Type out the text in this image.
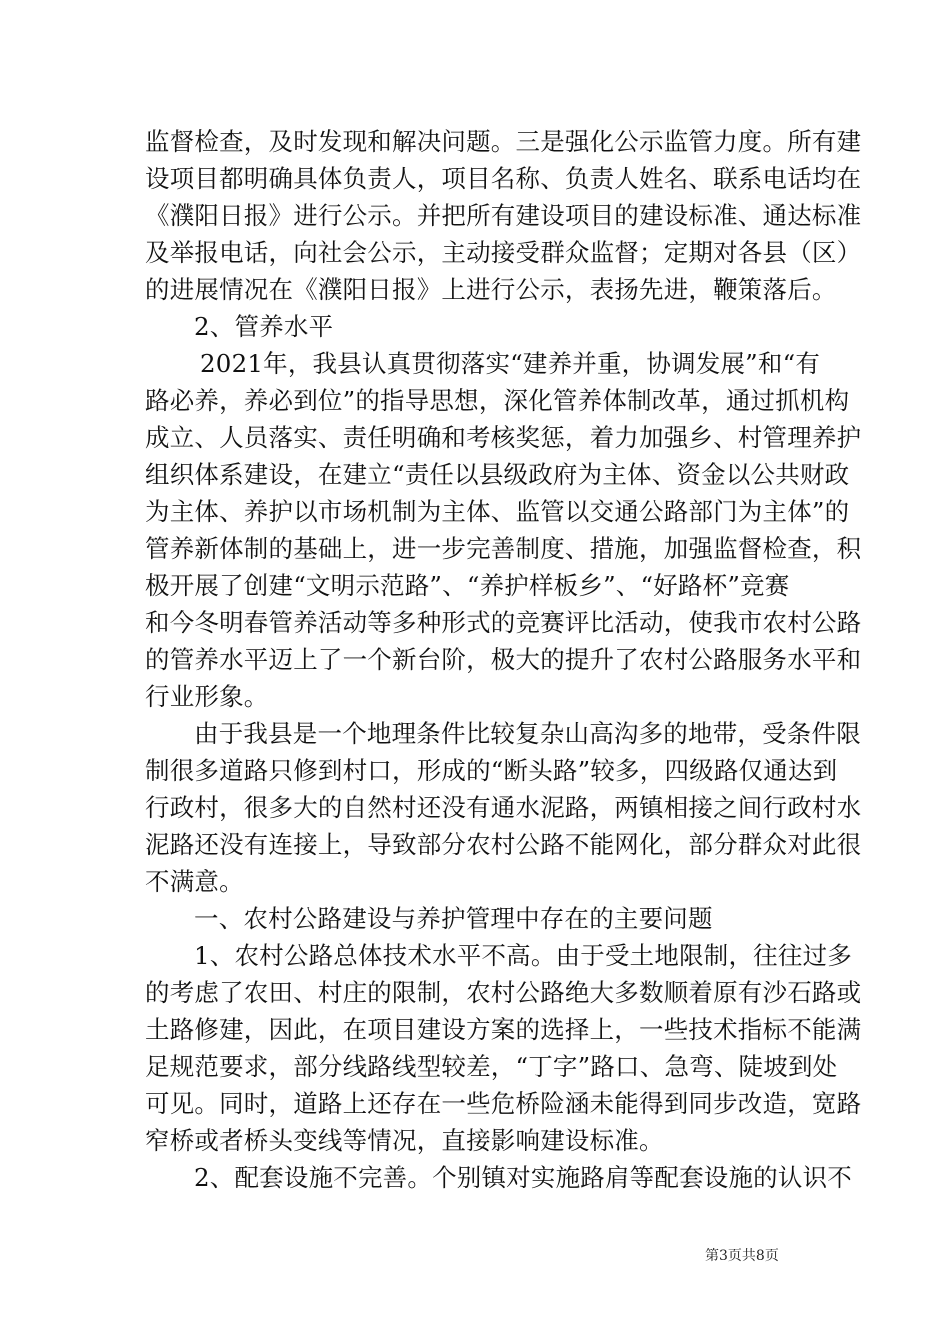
监督检查，及时发现和解决问题。三是强化公示监管力度。所有建
设项目都明确具体负责人，项目名称、负责人姓名、联系电话均在
《濮阳日报》进行公示。并把所有建设项目的建设标准、通达标准
及举报电话，向社会公示，主动接受群众监督；定期对各县（区）
的进展情况在《濮阳日报》上进行公示，表扬先进，鞭策落后。
2、管养水平
2021年，我县认真贯彻落实“建养并重，协调发展”和“有
路必养，养必到位”的指导思想，深化管养体制改革，通过抓机构
成立、人员落实、责任明确和考核奖惩，着力加强乡、村管理养护
组织体系建设，在建立“责任以县级政府为主体、资金以公共财政
为主体、养护以市场机制为主体、监管以交通公路部门为主体”的
管养新体制的基础上，进一步完善制度、措施，加强监督检查，积
极开展了创建“文明示范路”、“养护样板乡”、“好路杯”竞赛
和今冬明春管养活动等多种形式的竞赛评比活动，使我市农村公路
的管养水平迈上了一个新台阶，极大的提升了农村公路服务水平和
行业形象。
由于我县是一个地理条件比较复杂山高沟多的地带，受条件限
制很多道路只修到村口，形成的“断头路”较多，四级路仅通达到
行政村，很多大的自然村还没有通水泥路，两镇相接之间行政村水
泥路还没有连接上，导致部分农村公路不能网化，部分群众对此很
不满意。
一、农村公路建设与养护管理中存在的主要问题
1、农村公路总体技术水平不高。由于受土地限制，往往过多
的考虑了农田、村庄的限制，农村公路绝大多数顺着原有沙石路或
土路修建，因此，在项目建设方案的选择上，一些技术指标不能满
足规范要求，部分线路线型较差，“丁字”路口、急弯、陡坡到处
可见。同时，道路上还存在一些危桥险涵未能得到同步改造，宽路
窄桥或者桥头变线等情况，直接影响建设标准。
2、配套设施不完善。个别镇对实施路肩等配套设施的认识不
第3页共8页
